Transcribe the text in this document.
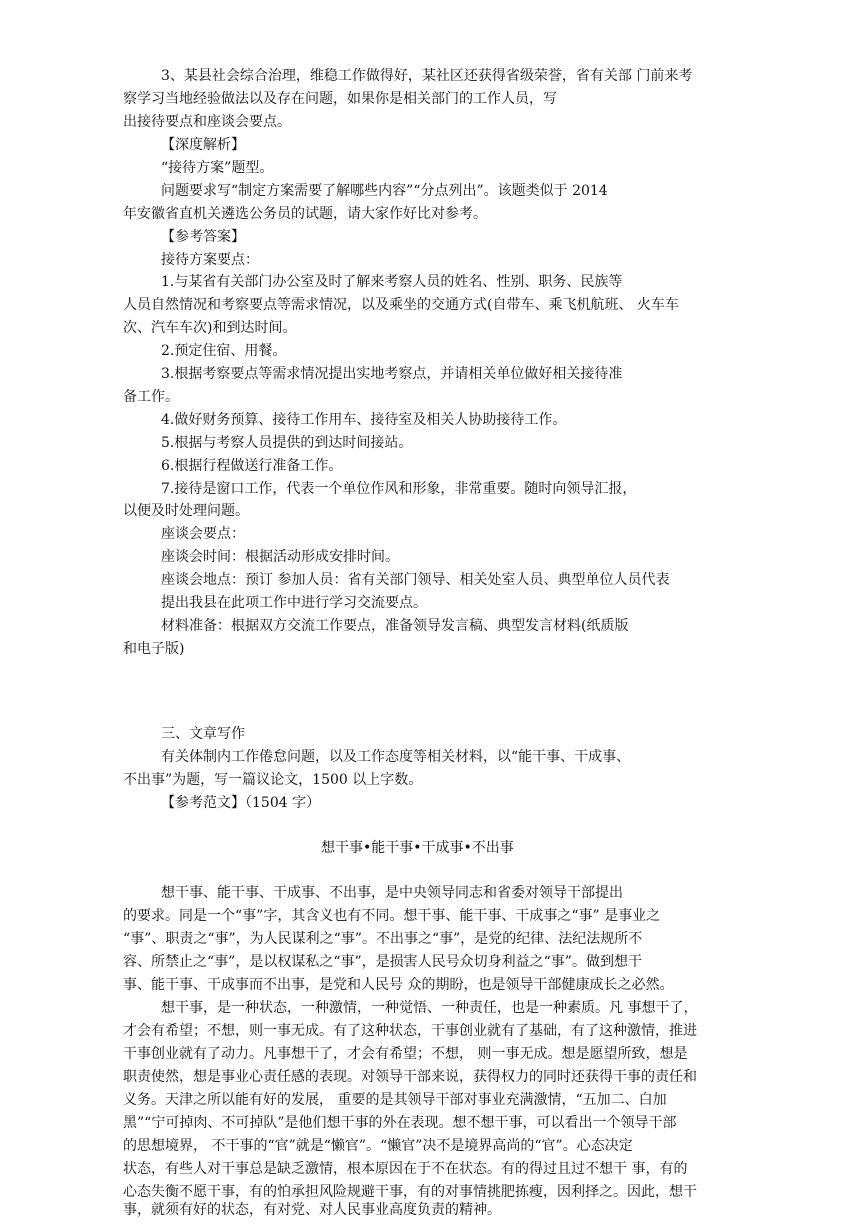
3、某县社会综合治理，维稳工作做得好，某社区还获得省级荣誉，省有关部 门前来考
察学习当地经验做法以及存在问题，如果你是相关部门的工作人员，写
出接待要点和座谈会要点。
【深度解析】
“接待方案”题型。
问题要求写“制定方案需要了解哪些内容”“分点列出”。该题类似于 2014
年安徽省直机关遴选公务员的试题，请大家作好比对参考。
【参考答案】
接待方案要点：
1.与某省有关部门办公室及时了解来考察人员的姓名、性别、职务、民族等
人员自然情况和考察要点等需求情况，以及乘坐的交通方式(自带车、乘飞机航班、 火车车
次、汽车车次)和到达时间。
2.预定住宿、用餐。
3.根据考察要点等需求情况提出实地考察点，并请相关单位做好相关接待准
备工作。
4.做好财务预算、接待工作用车、接待室及相关人协助接待工作。
5.根据与考察人员提供的到达时间接站。
6.根据行程做送行准备工作。
7.接待是窗口工作，代表一个单位作风和形象，非常重要。随时向领导汇报，
以便及时处理问题。
座谈会要点：
座谈会时间：根据活动形成安排时间。
座谈会地点：预订 参加人员：省有关部门领导、相关处室人员、典型单位人员代表
提出我县在此项工作中进行学习交流要点。
材料准备：根据双方交流工作要点，准备领导发言稿、典型发言材料(纸质版
和电子版)
三、文章写作
有关体制内工作倦怠问题，以及工作态度等相关材料，以“能干事、干成事、
不出事”为题，写一篇议论文，1500 以上字数。
【参考范文】（1504 字）
想干事•能干事•干成事•不出事
想干事、能干事、干成事、不出事，是中央领导同志和省委对领导干部提出
的要求。同是一个“事”字，其含义也有不同。想干事、能干事、干成事之“事” 是事业之
“事”、职责之“事”，为人民谋利之“事”。不出事之“事”，是党的纪律、法纪法规所不
容、所禁止之“事”，是以权谋私之“事”，是损害人民号众切身利益之“事”。做到想干
事、能干事、干成事而不出事，是党和人民号 众的期盼，也是领导干部健康成长之必然。
想干事，是一种状态，一种激情，一种觉悟、一种责任，也是一种素质。凡 事想干了，
才会有希望；不想，则一事无成。有了这种状态，干事创业就有了基础，有了这种激情，推进
干事创业就有了动力。凡事想干了，才会有希望；不想， 则一事无成。想是愿望所致，想是
职责使然，想是事业心责任感的表现。对领导干部来说，获得权力的同时还获得干事的责任和
义务。天津之所以能有好的发展， 重要的是其领导干部对事业充满激情，“五加二、白加
黑”“宁可掉肉、不可掉队”是他们想干事的外在表现。想不想干事，可以看出一个领导干部
的思想境界， 不干事的“官”就是“懒官”。“懒官”决不是境界高尚的“官”。心态决定
状态，有些人对干事总是缺乏激情，根本原因在于不在状态。有的得过且过不想干 事，有的
心态失衡不愿干事，有的怕承担风险规避干事，有的对事情挑肥拣瘦，因利择之。因此，想干
事，就须有好的状态，有对党、对人民事业高度负责的精神。
